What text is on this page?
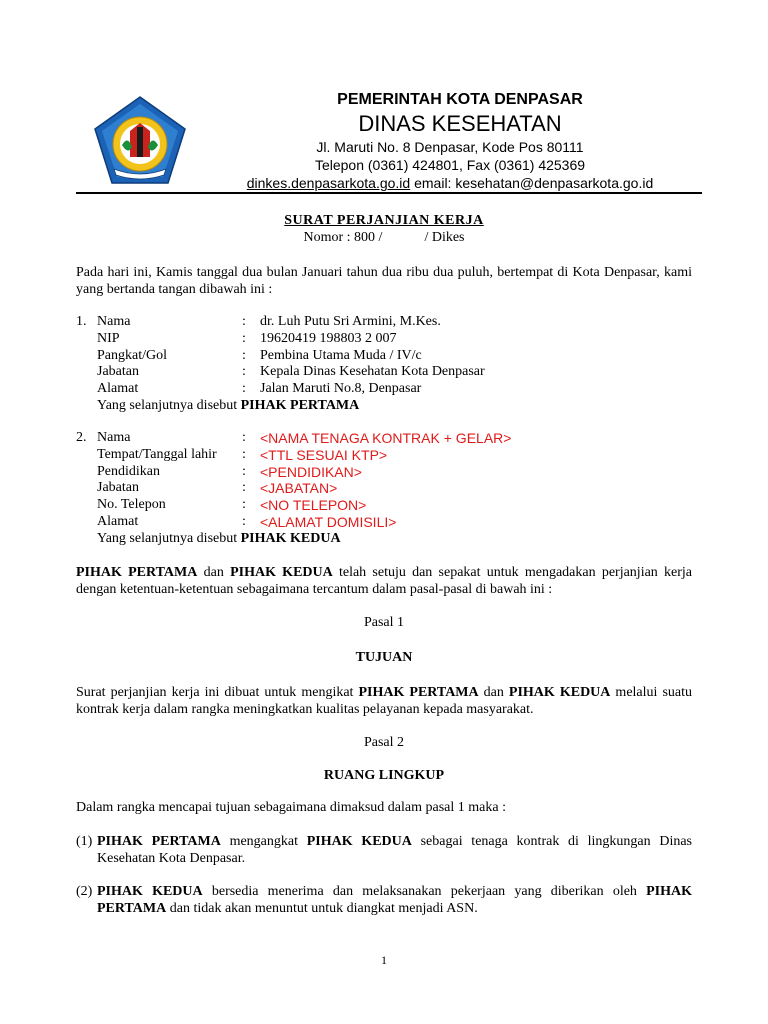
PEMERINTAH KOTA DENPASAR
DINAS KESEHATAN
Jl. Maruti No. 8 Denpasar, Kode Pos 80111
Telepon (0361) 424801, Fax (0361) 425369
dinkes.denpasarkota.go.id email: kesehatan@denpasarkota.go.id
SURAT PERJANJIAN KERJA
Nomor : 800 /            / Dikes
Pada hari ini, Kamis tanggal dua bulan Januari tahun dua ribu dua puluh, bertempat di Kota Denpasar, kami yang bertanda tangan dibawah ini :
1. Nama	:	dr. Luh Putu Sri Armini, M.Kes.
NIP	:	19620419 198803 2 007
Pangkat/Gol	:	Pembina Utama Muda / IV/c
Jabatan	:	Kepala Dinas Kesehatan Kota Denpasar
Alamat	:	Jalan Maruti No.8, Denpasar
Yang selanjutnya disebut PIHAK PERTAMA
2. Nama	:	<NAMA TENAGA KONTRAK + GELAR>
Tempat/Tanggal lahir	:	<TTL SESUAI KTP>
Pendidikan	:	<PENDIDIKAN>
Jabatan	:	<JABATAN>
No. Telepon	:	<NO TELEPON>
Alamat	:	<ALAMAT DOMISILI>
Yang selanjutnya disebut PIHAK KEDUA
PIHAK PERTAMA dan PIHAK KEDUA telah setuju dan sepakat untuk mengadakan perjanjian kerja dengan ketentuan-ketentuan sebagaimana tercantum dalam pasal-pasal di bawah ini :
Pasal 1
TUJUAN
Surat perjanjian kerja ini dibuat untuk mengikat PIHAK PERTAMA dan PIHAK KEDUA melalui suatu kontrak kerja dalam rangka meningkatkan kualitas pelayanan kepada masyarakat.
Pasal 2
RUANG LINGKUP
Dalam rangka mencapai tujuan sebagaimana dimaksud dalam pasal 1 maka :
(1) PIHAK PERTAMA mengangkat PIHAK KEDUA sebagai tenaga kontrak di lingkungan Dinas Kesehatan Kota Denpasar.
(2) PIHAK KEDUA bersedia menerima dan melaksanakan pekerjaan yang diberikan oleh PIHAK PERTAMA dan tidak akan menuntut untuk diangkat menjadi ASN.
1
